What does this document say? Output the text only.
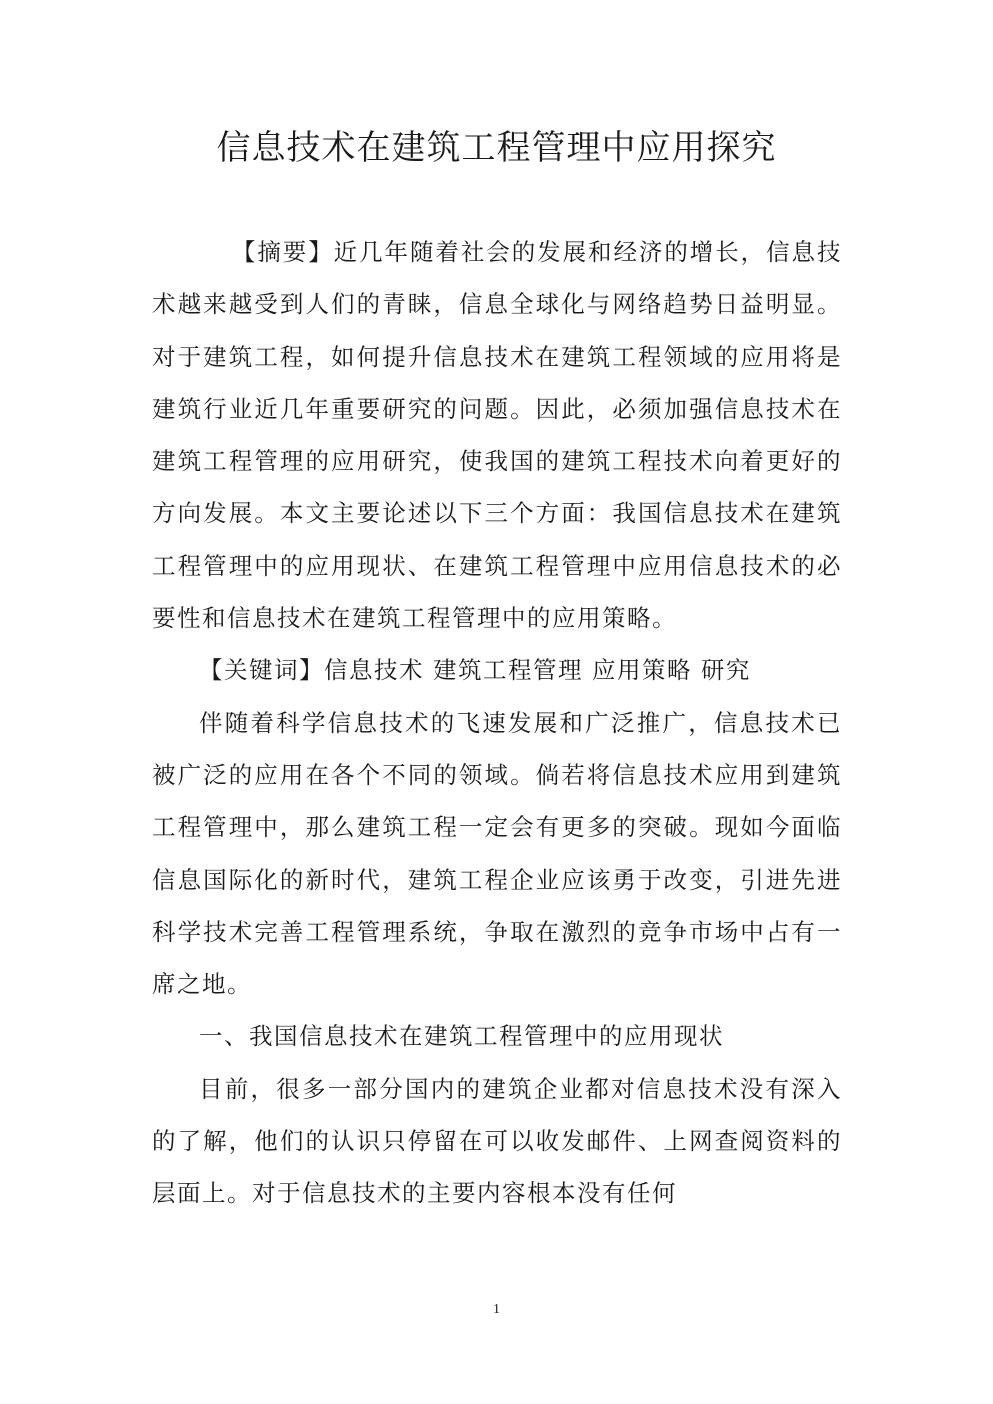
信息技术在建筑工程管理中应用探究

【摘要】近几年随着社会的发展和经济的增长，信息技术越来越受到人们的青睐，信息全球化与网络趋势日益明显。对于建筑工程，如何提升信息技术在建筑工程领域的应用将是建筑行业近几年重要研究的问题。因此，必须加强信息技术在建筑工程管理的应用研究，使我国的建筑工程技术向着更好的方向发展。本文主要论述以下三个方面：我国信息技术在建筑工程管理中的应用现状、在建筑工程管理中应用信息技术的必要性和信息技术在建筑工程管理中的应用策略。

【关键词】信息技术 建筑工程管理 应用策略 研究

伴随着科学信息技术的飞速发展和广泛推广，信息技术已被广泛的应用在各个不同的领域。倘若将信息技术应用到建筑工程管理中，那么建筑工程一定会有更多的突破。现如今面临信息国际化的新时代，建筑工程企业应该勇于改变，引进先进科学技术完善工程管理系统，争取在激烈的竞争市场中占有一席之地。

一、我国信息技术在建筑工程管理中的应用现状

目前，很多一部分国内的建筑企业都对信息技术没有深入的了解，他们的认识只停留在可以收发邮件、上网查阅资料的层面上。对于信息技术的主要内容根本没有任何

1
